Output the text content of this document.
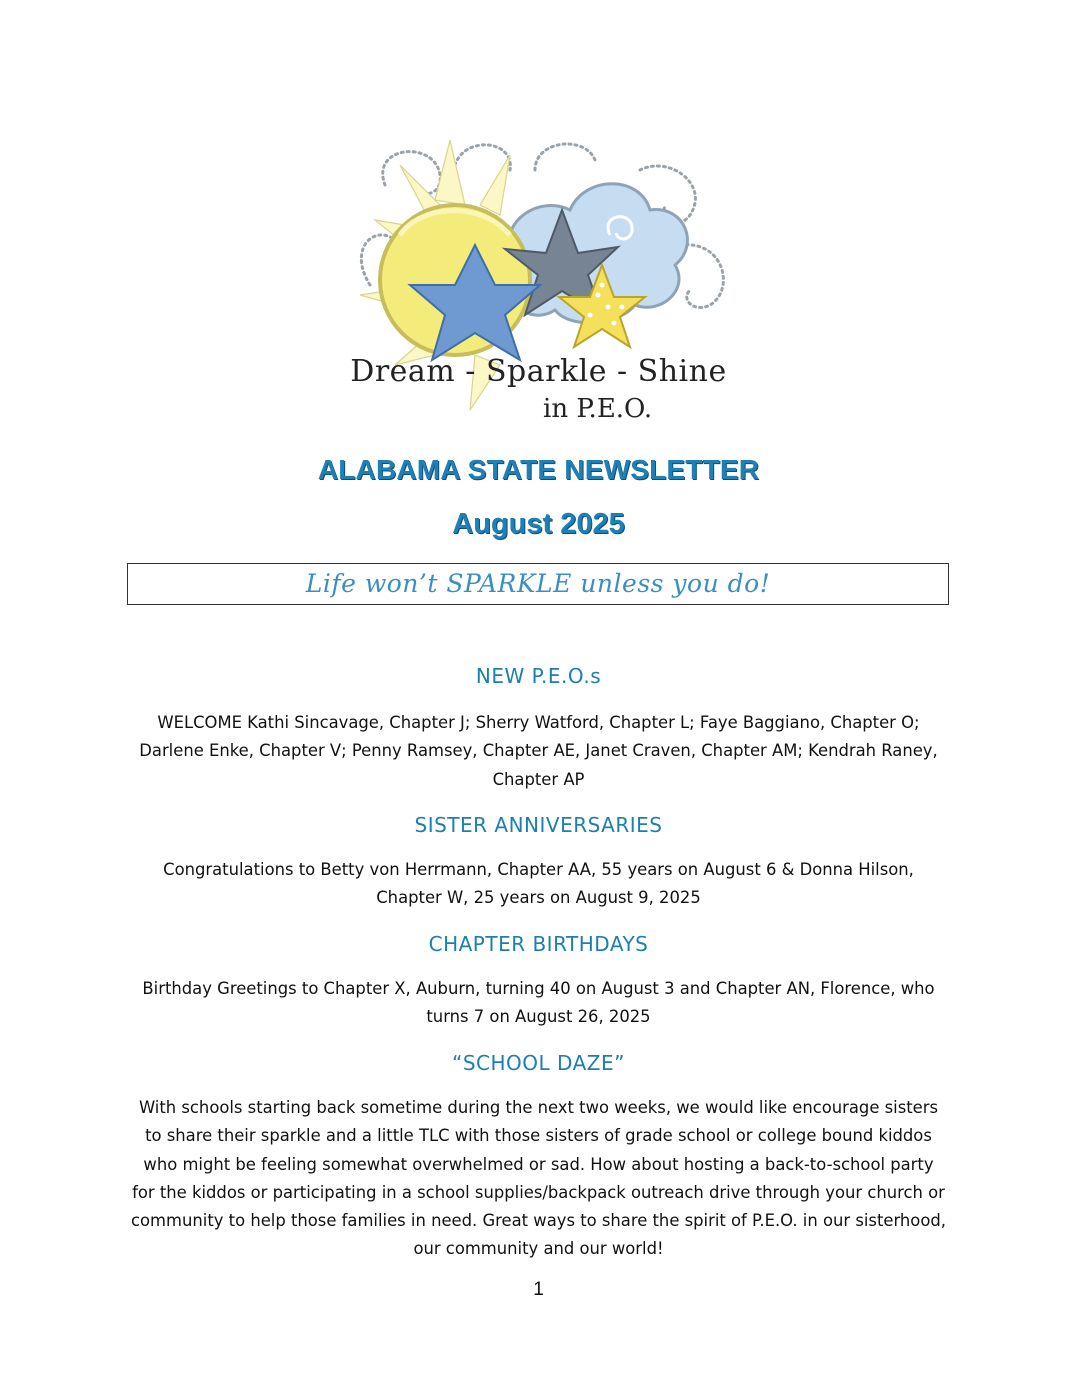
Dream - Sparkle - Shine
in P.E.O.
ALABAMA STATE NEWSLETTER
August 2025
Life won’t SPARKLE unless you do!
NEW P.E.O.s
WELCOME Kathi Sincavage, Chapter J; Sherry Watford, Chapter L; Faye Baggiano, Chapter O; Darlene Enke, Chapter V; Penny Ramsey, Chapter AE, Janet Craven, Chapter AM; Kendrah Raney, Chapter AP
SISTER ANNIVERSARIES
Congratulations to Betty von Herrmann, Chapter AA, 55 years on August 6 & Donna Hilson, Chapter W, 25 years on August 9, 2025
CHAPTER BIRTHDAYS
Birthday Greetings to Chapter X, Auburn, turning 40 on August 3 and Chapter AN, Florence, who turns 7 on August 26, 2025
“SCHOOL DAZE”
With schools starting back sometime during the next two weeks, we would like encourage sisters to share their sparkle and a little TLC with those sisters of grade school or college bound kiddos who might be feeling somewhat overwhelmed or sad. How about hosting a back-to-school party for the kiddos or participating in a school supplies/backpack outreach drive through your church or community to help those families in need. Great ways to share the spirit of P.E.O. in our sisterhood, our community and our world!
1
